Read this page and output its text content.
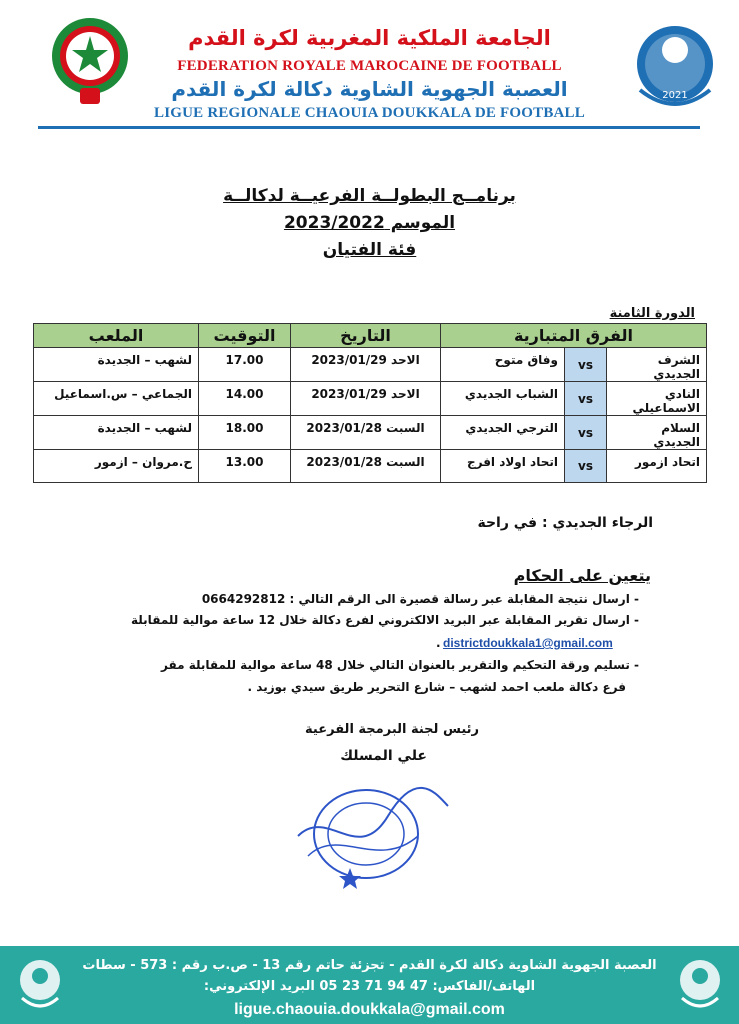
الجامعة الملكية المغربية لكرة القدم
FEDERATION ROYALE MAROCAINE DE FOOTBALL
العصبة الجهوية الشاوية دكالة لكرة القدم
LIGUE REGIONALE CHAOUIA DOUKKALA DE FOOTBALL
2021
برنامــج البطولــة الفرعيــة لدكالــة
الموسم 2023/2022
فئة الفتيان
الدورة الثامنة
الفرق المتبارية			التاريخ	التوقيت	الملعب
الشرف الجديدي	vs	وفاق متوح	الاحد 2023/01/29	17.00	لشهب – الجديدة
النادي الاسماعيلي	vs	الشباب الجديدي	الاحد 2023/01/29	14.00	الجماعي – س.اسماعيل
السلام الجديدي	vs	الترجي الجديدي	السبت 2023/01/28	18.00	لشهب – الجديدة
اتحاد ازمور	vs	اتحاد اولاد افرج	السبت 2023/01/28	13.00	ح.مروان – ازمور
الرجاء الجديدي : في راحة
يتعين على الحكام
- ارسال نتيجة المقابلة عبر رسالة قصيرة الى الرقم التالي : 0664292812
- ارسال تقرير المقابلة عبر البريد الالكتروني لفرع دكالة خلال 12 ساعة موالية للمقابلة
districtdoukkala1@gmail.com
.
- تسليم ورقة التحكيم والتقرير بالعنوان التالي خلال 48 ساعة موالية للمقابلة مقر
فرع دكالة ملعب احمد لشهب – شارع التحرير طريق سيدي بوزيد .
رئيس لجنة البرمجة الفرعية
علي المسلك
العصبة الجهوية الشاوية دكالة لكرة القدم - تجزئة حاتم رقم 13 - ص.ب رقم : 573 - سطات
الهاتف/الفاكس: 47 94 71 23 05 البريد الإلكتروني:
ligue.chaouia.doukkala@gmail.com
